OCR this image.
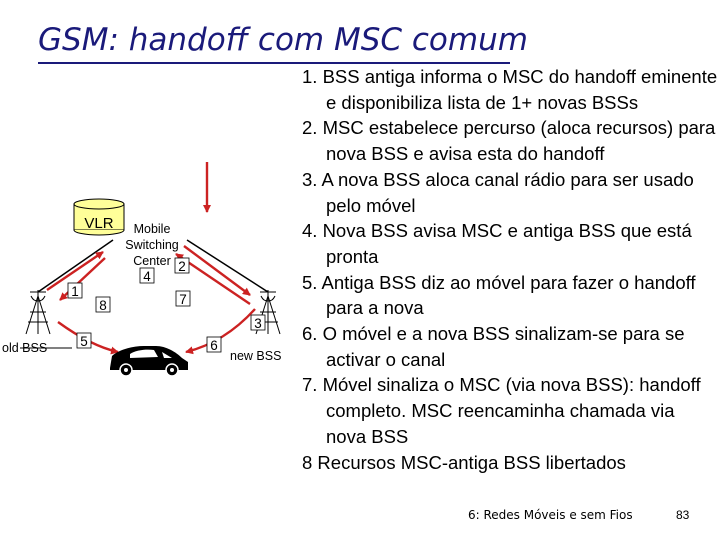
GSM: handoff com MSC comum
VLR Mobile
Switching
Center
old BSS
new BSS
1
2
3
4
5	6
7
8
1. BSS antiga informa o MSC do handoff eminente e disponibiliza lista de 1+ novas BSSs
2. MSC estabelece percurso (aloca recursos) para nova BSS e avisa esta do handoff
3. A nova BSS aloca canal rádio para ser usado pelo móvel
4. Nova BSS avisa MSC e antiga BSS que está pronta
5. Antiga BSS diz ao móvel para fazer o handoff para a nova
6. O móvel e a nova BSS sinalizam-se para se activar o canal
7. Móvel sinaliza o MSC (via nova BSS): handoff completo. MSC reencaminha chamada via nova BSS
8 Recursos MSC-antiga BSS libertados
6: Redes Móveis e sem Fios	83
